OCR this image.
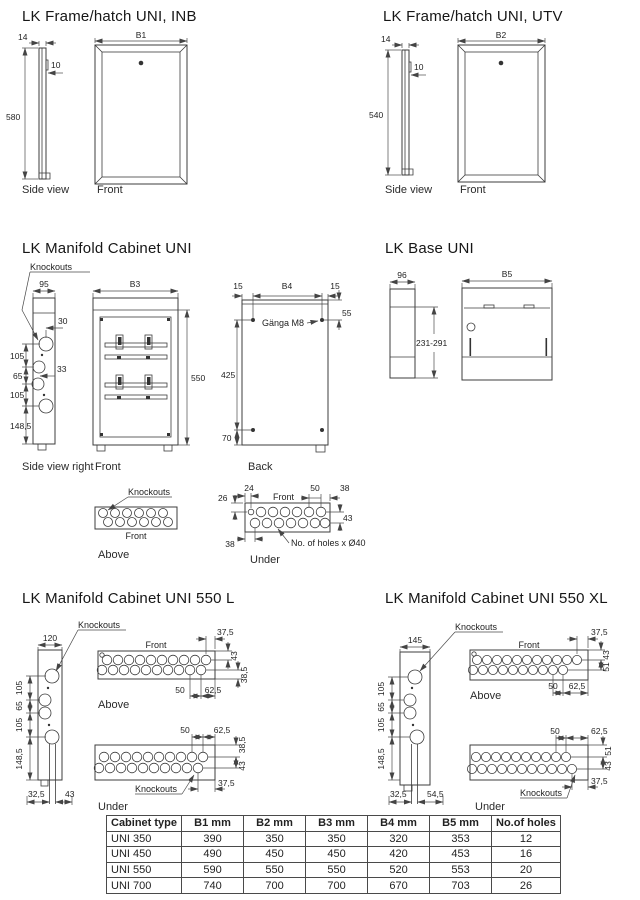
LK Frame/hatch UNI, INB	LK Frame/hatch UNI, UTV
LK Manifold Cabinet UNI	LK Base UNI
LK Manifold Cabinet UNI 550 L	LK Manifold Cabinet UNI 550 XL
14
10
580
B1
Side view	Front
14
10
540
B2
Side view	Front
Knockouts
95
30
33
105
65
105
148,5
B3
550
15	B4	15
Gänga M8
55
425
70
Side view right Front	Back
Knockouts
Front
Above
Front
24
26
50 38
43
38	No. of holes x Ø40
Under
96
231-291
B5
Knockouts
120
105
65
105
148,5
32,5 43
Front
37,5
43
50 62,5
38,5
Above
50	62,5
38,5
43
37,5
Knockouts
Under
Knockouts
145
105
65
105
148,5
32,5 54,5
Front
37,5
43
51
50 62,5
Above
50	62,5
51
43
37,5
Knockouts
Under
Cabinet type	B1 mm	B2 mm	B3 mm	B4 mm	B5 mm	No.of holes
UNI 350	390	350	350	320	353	12
UNI 450	490	450	450	420	453	16
UNI 550	590	550	550	520	553	20
UNI 700	740	700	700	670	703	26
